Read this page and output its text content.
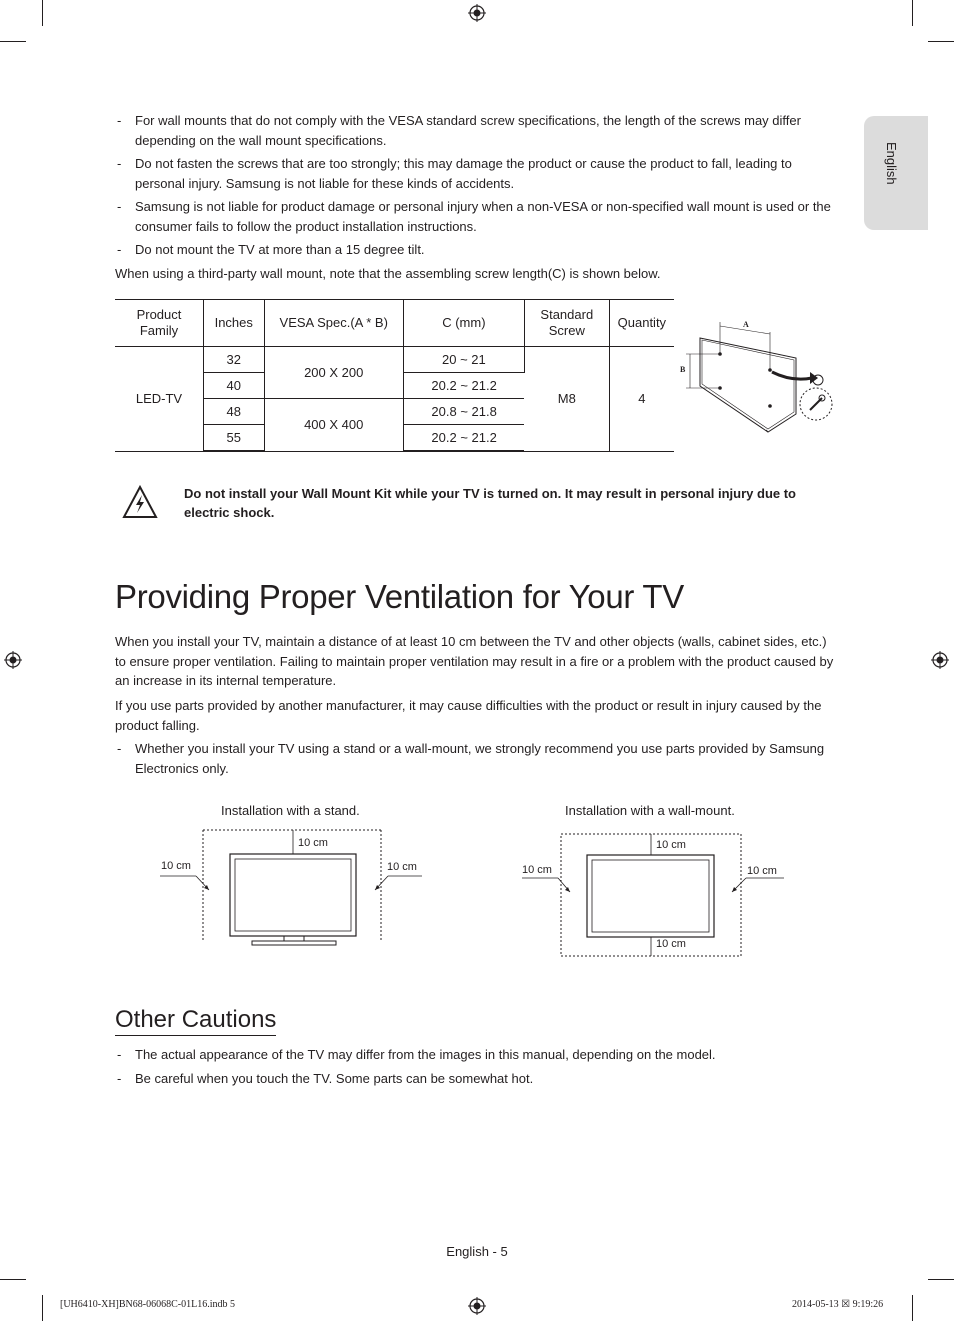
English
- For wall mounts that do not comply with the VESA standard screw specifications, the length of the screws may differ depending on the wall mount specifications.
- Do not fasten the screws that are too strongly; this may damage the product or cause the product to fall, leading to personal injury. Samsung is not liable for these kinds of accidents.
- Samsung is not liable for product damage or personal injury when a non-VESA or non-specified wall mount is used or the consumer fails to follow the product installation instructions.
- Do not mount the TV at more than a 15 degree tilt.
When using a third-party wall mount, note that the assembling screw length(C) is shown below.
Product Family	Inches	VESA Spec.(A * B)	C (mm)	Standard Screw	Quantity
LED-TV	32	200 X 200	20 ~ 21	M8	4
	40		20.2 ~ 21.2		
	48	400 X 400	20.8 ~ 21.8		
	55		20.2 ~ 21.2		
A
B
Do not install your Wall Mount Kit while your TV is turned on. It may result in personal injury due to electric shock.
Providing Proper Ventilation for Your TV
When you install your TV, maintain a distance of at least 10 cm between the TV and other objects (walls, cabinet sides, etc.) to ensure proper ventilation. Failing to maintain proper ventilation may result in a fire or a problem with the product caused by an increase in its internal temperature.
If you use parts provided by another manufacturer, it may cause difficulties with the product or result in injury caused by the product falling.
- Whether you install your TV using a stand or a wall-mount, we strongly recommend you use parts provided by Samsung Electronics only.
Installation with a stand.
10 cm
10 cm	10 cm
Installation with a wall-mount.
10 cm
10 cm	10 cm
10 cm
Other Cautions
- The actual appearance of the TV may differ from the images in this manual, depending on the model.
- Be careful when you touch the TV. Some parts can be somewhat hot.
English - 5
[UH6410-XH]BN68-06068C-01L16.indb 5	2014-05-13 ☒ 9:19:26
